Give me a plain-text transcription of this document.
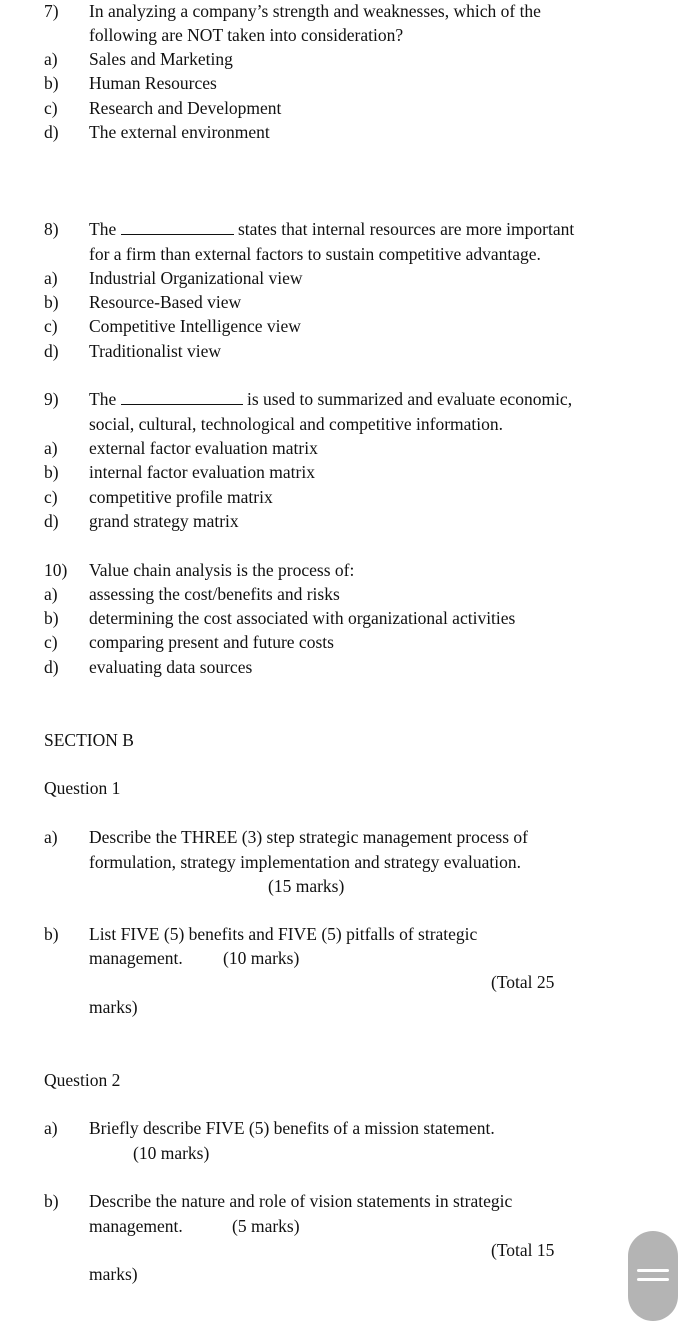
7) In analyzing a company’s strength and weaknesses, which of the
following are NOT taken into consideration?
a) Sales and Marketing
b) Human Resources
c) Research and Development
d) The external environment
8) The	states that internal resources are more important
for a firm than external factors to sustain competitive advantage.
a) Industrial Organizational view
b) Resource-Based view
c) Competitive Intelligence view
d) Traditionalist view
9) The	is used to summarized and evaluate economic,
social, cultural, technological and competitive information.
a) external factor evaluation matrix
b) internal factor evaluation matrix
c) competitive profile matrix
d) grand strategy matrix
10) Value chain analysis is the process of:
a) assessing the cost/benefits and risks
b) determining the cost associated with organizational activities
c) comparing present and future costs
d) evaluating data sources
SECTION B
Question 1
a) Describe the THREE (3) step strategic management process of
formulation, strategy implementation and strategy evaluation.
(15 marks)
b) List FIVE (5) benefits and FIVE (5) pitfalls of strategic
management. (10 marks)
(Total 25
marks)
Question 2
a) Briefly describe FIVE (5) benefits of a mission statement.
(10 marks)
b) Describe the nature and role of vision statements in strategic
management.	(5 marks)
(Total 15
marks)
